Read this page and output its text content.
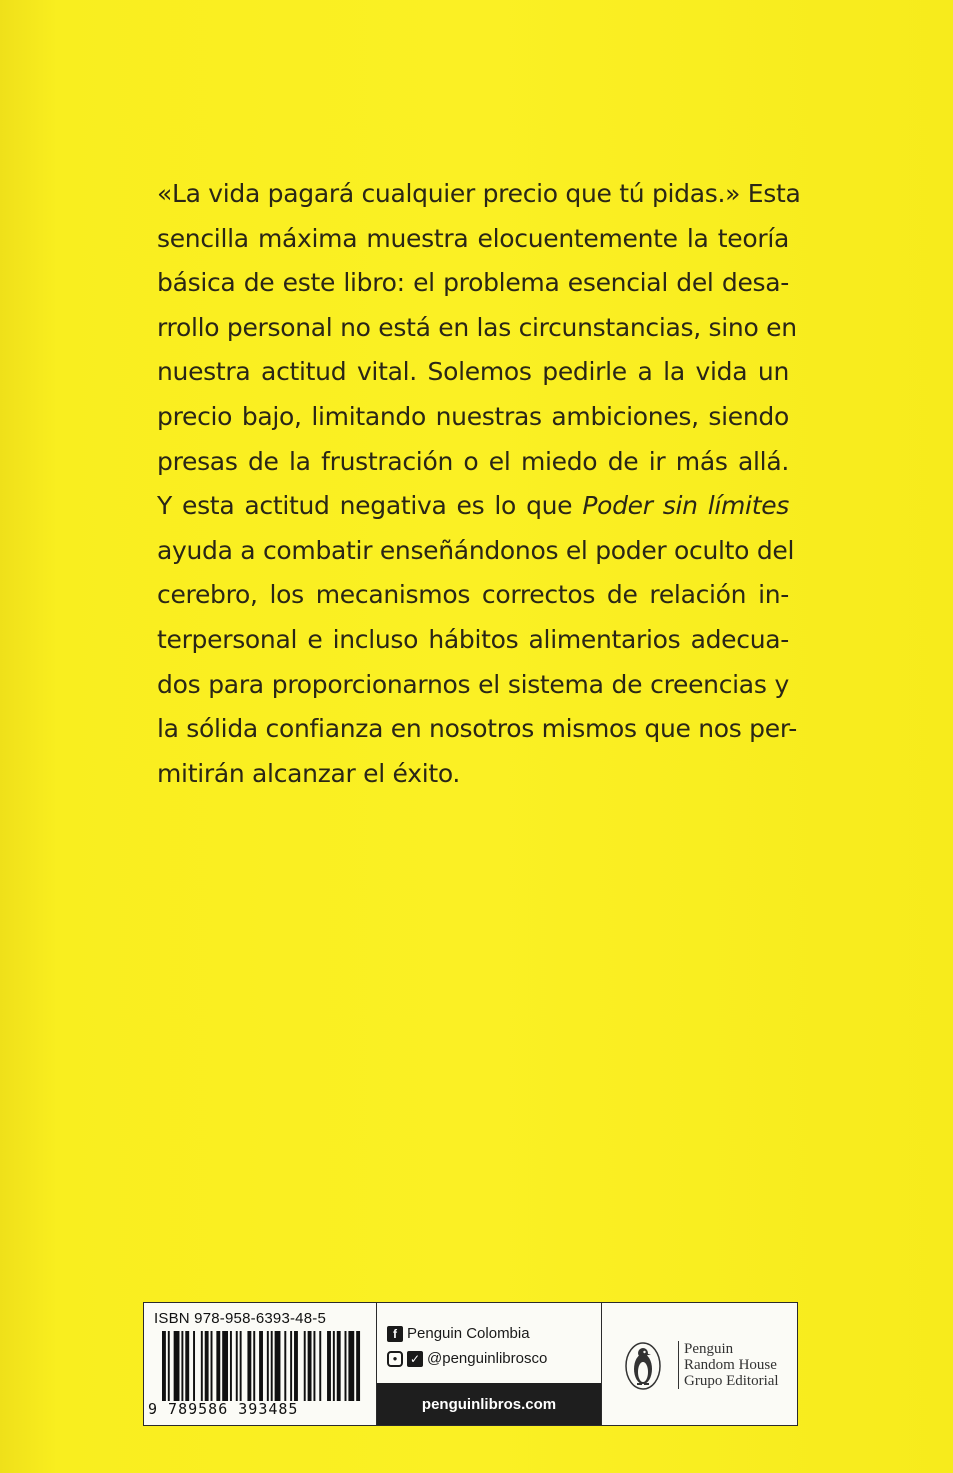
«La vida pagará cualquier precio que tú pidas.» Esta
sencilla máxima muestra elocuentemente la teoría
básica de este libro: el problema esencial del desa-
rrollo personal no está en las circunstancias, sino en
nuestra actitud vital. Solemos pedirle a la vida un
precio bajo, limitando nuestras ambiciones, siendo
presas de la frustración o el miedo de ir más allá.
Y esta actitud negativa es lo que Poder sin límites
ayuda a combatir enseñándonos el poder oculto del
cerebro, los mecanismos correctos de relación in-
terpersonal e incluso hábitos alimentarios adecua-
dos para proporcionarnos el sistema de creencias y
la sólida confianza en nosotros mismos que nos per-
mitirán alcanzar el éxito.
ISBN 978-958-6393-48-5
9 789586 393485
f Penguin Colombia
●	✓ @penguinlibrosco
penguinlibros.com
Penguin
Random House
Grupo Editorial
